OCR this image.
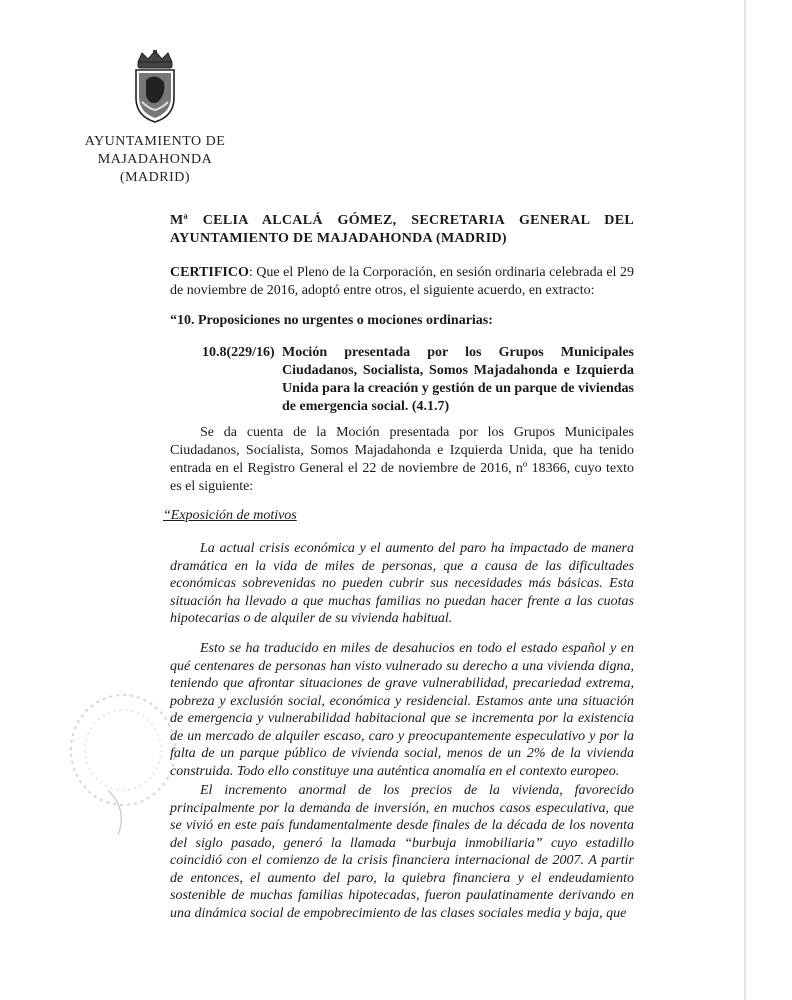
AYUNTAMIENTO DE
MAJADAHONDA
(MADRID)
Mª CELIA ALCALÁ GÓMEZ, SECRETARIA GENERAL DEL
AYUNTAMIENTO DE MAJADAHONDA (MADRID)
CERTIFICO: Que el Pleno de la Corporación, en sesión ordinaria celebrada el 29 de noviembre de 2016, adoptó entre otros, el siguiente acuerdo, en extracto:
“10. Proposiciones no urgentes o mociones ordinarias:
10.8(229/16) Moción presentada por los Grupos Municipales Ciudadanos, Socialista, Somos Majadahonda e Izquierda Unida para la creación y gestión de un parque de viviendas de emergencia social. (4.1.7)
Se da cuenta de la Moción presentada por los Grupos Municipales Ciudadanos, Socialista, Somos Majadahonda e Izquierda Unida, que ha tenido entrada en el Registro General el 22 de noviembre de 2016, nº 18366, cuyo texto es el siguiente:
“Exposición de motivos
La actual crisis económica y el aumento del paro ha impactado de manera dramática en la vida de miles de personas, que a causa de las dificultades económicas sobrevenidas no pueden cubrir sus necesidades más básicas. Esta situación ha llevado a que muchas familias no puedan hacer frente a las cuotas hipotecarias o de alquiler de su vivienda habitual.
Esto se ha traducido en miles de desahucios en todo el estado español y en qué centenares de personas han visto vulnerado su derecho a una vivienda digna, teniendo que afrontar situaciones de grave vulnerabilidad, precariedad extrema, pobreza y exclusión social, económica y residencial. Estamos ante una situación de emergencia y vulnerabilidad habitacional que se incrementa por la existencia de un mercado de alquiler escaso, caro y preocupantemente especulativo y por la falta de un parque público de vivienda social, menos de un 2% de la vivienda construida. Todo ello constituye una auténtica anomalía en el contexto europeo.
El incremento anormal de los precios de la vivienda, favorecido principalmente por la demanda de inversión, en muchos casos especulativa, que se vivió en este país fundamentalmente desde finales de la década de los noventa del siglo pasado, generó la llamada “burbuja inmobiliaria” cuyo estadillo coincidió con el comienzo de la crisis financiera internacional de 2007. A partir de entonces, el aumento del paro, la quiebra financiera y el endeudamiento sostenible de muchas familias hipotecadas, fueron paulatinamente derivando en una dinámica social de empobrecimiento de las clases sociales media y baja, que
